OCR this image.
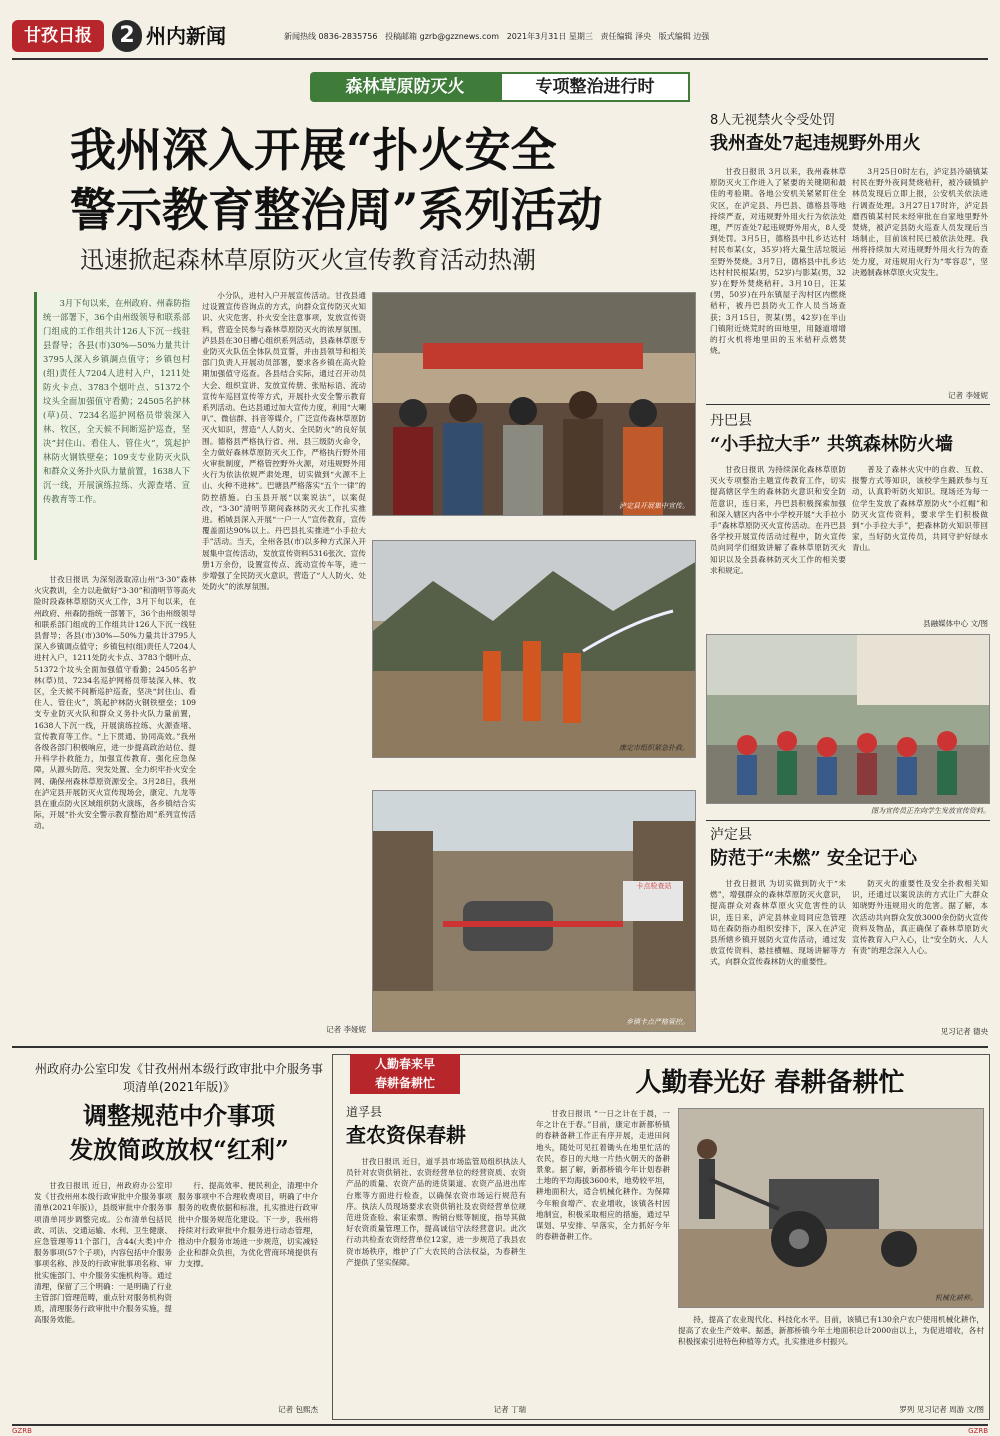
甘孜日报	2 州内新闻	新闻热线 0836-2835756 投稿邮箱 gzrb@gzznews.com 2021年3月31日 星期三 责任编辑 泽央 版式编辑 边强
森林草原防灭火	专项整治进行时
我州深入开展“扑火安全
警示教育整治周”系列活动
迅速掀起森林草原防灭火宣传教育活动热潮
3月下旬以来，在州政府、州森防指统一部署下，36个由州级领导和联系部门组成的工作组共计126人下沉一线驻县督导；各县(市)30%—50%力量共计3795人深入乡镇調点值守；乡镇包村(组)责任人7204人进村入户，1211处防火卡点、3783个烟叶点、51372个坟头全面加强值守看勤；24505名护林(草)员、7234名巡护网格员带装深入林、牧区，全天候不间断巡护巡查，坚决“封住山、看住人、管住火”，筑起护林防火钢铁壁垒；109支专业防灭火队和群众义务扑火队力量前置，1638人下沉一线，开展演练拉练、火源查堵、宣传教育等工作。
甘孜日报讯 为深刻汲取凉山州“3·30”森林火灾教训，全力以赴做好“3·30”和清明节等高火险时段森林草原防灭火工作，3月下旬以来，在州政府、州森防指统一部署下，36个由州级领导和联系部门组成的工作组共计126人下沉一线驻县督导；各县(市)30%—50%力量共计3795人深入乡镇调点值守；乡镇包村(组)责任人7204人进村入户，1211处防火卡点、3783个烟叶点、51372个坟头全面加强值守看勤；24505名护林(草)员、7234名巡护网格员带装深入林、牧区，全天候不间断巡护巡查，坚决“封住山、看住人、管住火”，筑起护林防火钢铁壁垒；109支专业防灭火队和群众义务扑火队力量前置，1638人下沉一线，开展演练拉练、火源查堵、宣传教育等工作。“上下贯通、协同高效。”我州各级各部门积极响应，进一步提高政治站位、提升科学扑救能力，加强宣传教育、强化应急保障，从源头防范、突发处置、全力织牢扑火安全网、确保州森林草原资源安全。3月28日，我州在泸定县开展防灭火宣传现场会，康定、九龙等县在重点防火区域组织防火演练，各乡镇结合实际，开展“扑火安全警示教育整治周”系列宣传活动。
小分队，进村入户开展宣传活动。甘孜县通过设置宣传咨询点的方式，向群众宣传防灭火知识、火灾危害、扑火安全注意事项，发放宣传资料，营造全民参与森林草原防灭火的浓厚氛围。泸县县在30日槽心组织系列活动，县森林草原专业防灭火队伍全体队员宣誓，并由县领导和相关部门负责人开展动员部署，要求各乡镇在高火险期加强值守巡查。各县结合实际，通过召开动员大会、组织宣讲、发放宣传册、张贴标语、流动宣传车巡回宣传等方式，开展扑火安全警示教育系列活动。色达县通过加大宣传力度，利用“大喇叭”、微信群、抖音等媒介，广泛宣传森林草原防灭火知识，营造“人人防火、全民防火”的良好氛围。德格县严格执行省、州、县三级防火命令，全力做好森林草原防灭火工作，严格执行野外用火审批制度，严格管控野外火源，对违规野外用火行为依法依规严肃处理，切实做到“火源不上山、火种不进林”。巴塘县严格落实“五个一律”的防控措施。白玉县开展“以案说法”，以案促改，“3·30”清明节期间森林防灭火工作扎实推进。稻城县深入开展“一户一人”宣传教育，宣传覆盖面达90%以上。丹巴县扎实推进“小手拉大手”活动。当天，全州各县(市)以多种方式深入开展集中宣传活动，发放宣传资料5316张次、宣传册1万余份，设置宣传点、流动宣传车等，进一步增强了全民防灭火意识，营造了“人人防火、处处防火”的浓厚氛围。
记者 李娅妮
泸定县开展集中宣传。
康定市组织紧急扑救。
卡点检查站
乡镇卡点严格管控。
8人无视禁火令受处罚
我州查处7起违规野外用火
甘孜日报讯 3月以来，我州森林草原防灭火工作进入了紧要的关键期和最佳的考验期。各地公安机关紧紧盯住全灾区，在泸定县、丹巴县、德格县等地持续严查，对违规野外用火行为依法处理，严厉查处7起违规野外用火，8人受到处罚。3月5日，德格县中扎乡达达村村民布某(女，35岁)将大量生活垃圾运至野外焚烧。3月7日，德格县中扎乡达达村村民根某(男，52岁)与影某(男，32岁)在野外焚烧秸秆。3月10日，汪某(男，50岁)在丹东镇屋子沟村区内燃烧秸秆，被丹巴县防火工作人员当场查获；3月15日，贺某(男，42岁)在半山门镇附近烧荒时的田地里，用隧道增增的打火机将地里田的玉米秸秆点燃焚烧。
3月25日0时左右，泸定县冷碛镇某村民在野外夜间焚烧秸秆，被冷碛镇护林员发现后立即上报，公安机关依法进行调查处理。3月27日17时许，泸定县磨西镇某村民未经审批在自家地里野外焚烧，被泸定县防火巡查人员发现后当场制止，目前该村民已被依法处理。我州将持续加大对违规野外用火行为的查处力度，对违规用火行为“零容忍”，坚决遏制森林草原火灾发生。
记者 李娅妮
丹巴县
“小手拉大手” 共筑森林防火墙
甘孜日报讯 为持续深化森林草原防灭火专项整治主题宣传教育工作，切实提高辖区学生的森林防火意识和安全防范意识，连日来，丹巴县积极探索加强和深入辖区内各中小学校开展“大手拉小手”森林草原防灭火宣传活动。在丹巴县各学校开展宣传活动过程中，防火宣传员向同学们细致讲解了森林草原防灭火知识以及全县森林防灭火工作的相关要求和规定。
普及了森林火灾中的自救、互救、报警方式等知识，该校学生踊跃参与互动，认真聆听防火知识。现场还为每一位学生发放了森林草原防火“小红帽”和防灭火宣传资料，要求学生们积极做到“小手拉大手”，把森林防火知识带回家，当好防火宣传员，共同守护好绿水青山。
县融媒体中心 文/图
图为宣传员正在向学生发放宣传资料。
泸定县
防范于“未燃” 安全记于心
甘孜日报讯 为切实做到防火于“未燃”，增强群众的森林草原防灭火意识，提高群众对森林草原火灾危害性的认识，连日来，泸定县林业局同应急管理局在森防指办组织安排下，深入在泸定县所辖乡镇开展防火宣传活动，通过发放宣传资料、悬挂横幅、现场讲解等方式，向群众宣传森林防火的重要性。
防灭火的重要性及安全扑救相关知识，还通过以案说法的方式让广大群众知晓野外违规用火的危害。据了解，本次活动共向群众发放3000余份防火宣传资料及物品，真正确保了森林草原防火宣传教育入户入心，让“安全防火、人人有责”的理念深入人心。
见习记者 德央
州政府办公室印发《甘孜州州本级行政审批中介服务事项清单(2021年版)》
调整规范中介事项
发放简政放权“红利”
甘孜日报讯 近日，州政府办公室印发《甘孜州州本级行政审批中介服务事项清单(2021年版)》，县级审批中介服务事项清单同步调整完成。公布清单包括民政、司法、交通运输、水利、卫生健康、应急管理等11个部门，含44(大类)中介服务事项(57个子项)，内容包括中介服务事项名称、涉及的行政审批事项名称、审批实施部门、中介服务实施机构等。通过清理，保留了三个明确：一是明确了行业主管部门管理范畴，重点针对服务机构资质，清理服务行政审批中介服务实施，提高服务效能。
行、提高效率、便民利企，清理中介服务事项中不合理收费项目，明确了中介服务的收费依据和标准，扎实推进行政审批中介服务规范化建设。下一步，我州将持续对行政审批中介服务进行动态管理，推动中介服务市场进一步规范，切实减轻企业和群众负担，为优化营商环境提供有力支撑。
记者 包熙杰
人勤春来早
春耕备耕忙	人勤春光好 春耕备耕忙
道孚县
查农资保春耕
甘孜日报讯 近日，道孚县市场监管局组织执法人员针对农资供销社、农资经营单位的经营资质、农资产品的质量、农资产品的进货渠道、农资产品进出库台账等方面进行检查，以确保农资市场运行规范有序。执法人员现场要求农资供销社及农资经营单位规范进货查验、索证索票、购销台账等制度，指导其做好农资质量管理工作，提高诚信守法经营意识。此次行动共检查农资经营单位12家，进一步规范了我县农资市场秩序，维护了广大农民的合法权益，为春耕生产提供了坚实保障。
记者 丁瑞
甘孜日报讯 “一日之计在于晨，一年之计在于春。”目前，康定市新都桥镇的春耕备耕工作正有序开展，走进田间地头，随处可见扛着锄头在地里忙活的农民，春日的大地一片热火朝天的备耕景象。据了解，新都桥镇今年计划春耕土地的平均海拔3600米，地势较平坦，耕地面积大，适合机械化耕作。为保障今年粮食增产、农业增收，该镇各村因地制宜，积极采取相应的措施，通过早谋划、早安排、早落实，全力抓好今年的春耕备耕工作。
机械化耕种。
持，提高了农业现代化、科技化水平。目前，该镇已有130余户农户使用机械化耕作，提高了农业生产效率。据悉，新都桥镇今年土地面积总计2000亩以上，为促进增收，各村积极探索引进特色种植等方式，扎实推进乡村振兴。
罗列 见习记者 周游 文/图
GZRB	GZRB
